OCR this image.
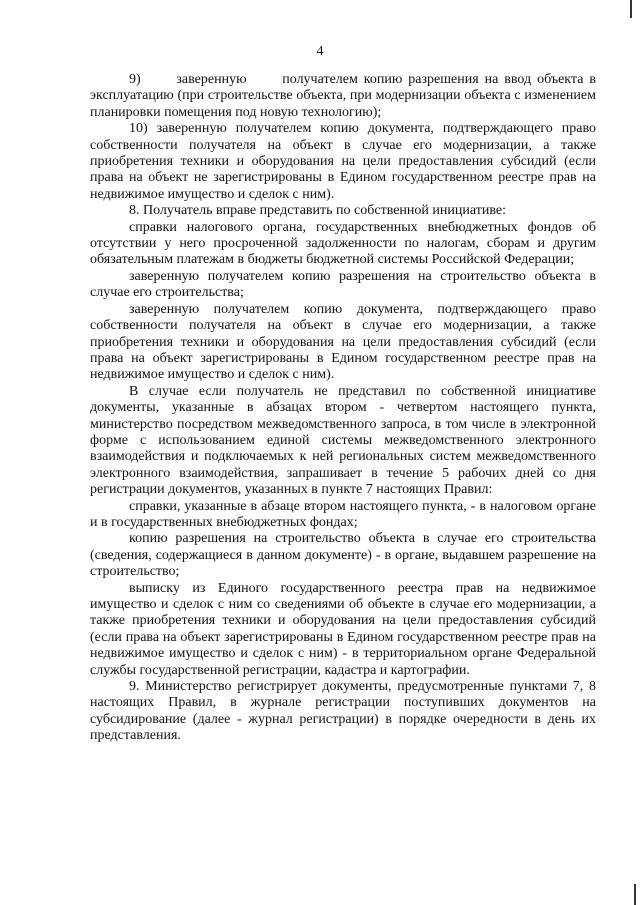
4

9)      заверенную      получателем копию разрешения на ввод объекта в эксплуатацию (при строительстве объекта, при модернизации объекта с изменением планировки помещения под новую технологию);

10) заверенную получателем копию документа, подтверждающего право собственности получателя на объект в случае его модернизации, а также приобретения техники и оборудования на цели предоставления субсидий (если права на объект не зарегистрированы в Едином государственном реестре прав на недвижимое имущество и сделок с ним).

8. Получатель вправе представить по собственной инициативе:

справки налогового органа, государственных внебюджетных фондов об отсутствии у него просроченной задолженности по налогам, сборам и другим обязательным платежам в бюджеты бюджетной системы Российской Федерации;

заверенную получателем копию разрешения на строительство объекта в случае его строительства;

заверенную получателем копию документа, подтверждающего право собственности получателя на объект в случае его модернизации, а также приобретения техники и оборудования на цели предоставления субсидий (если права на объект зарегистрированы в Едином государственном реестре прав на недвижимое имущество и сделок с ним).

В случае если получатель не представил по собственной инициативе документы, указанные в абзацах втором - четвертом настоящего пункта, министерство посредством межведомственного запроса, в том числе в электронной форме с использованием единой системы межведомственного электронного взаимодействия и подключаемых к ней региональных систем межведомственного электронного взаимодействия, запрашивает в течение 5 рабочих дней со дня регистрации документов, указанных в пункте 7 настоящих Правил:

справки, указанные в абзаце втором настоящего пункта, - в налоговом органе и в государственных внебюджетных фондах;

копию разрешения на строительство объекта в случае его строительства (сведения, содержащиеся в данном документе) - в органе, выдавшем разрешение на строительство;

выписку из Единого государственного реестра прав на недвижимое имущество и сделок с ним со сведениями об объекте в случае его модернизации, а также приобретения техники и оборудования на цели предоставления субсидий (если права на объект зарегистрированы в Едином государственном реестре прав на недвижимое имущество и сделок с ним) - в территориальном органе Федеральной службы государственной регистрации, кадастра и картографии.

9. Министерство регистрирует документы, предусмотренные пунктами 7, 8 настоящих Правил, в журнале регистрации поступивших документов на субсидирование (далее - журнал регистрации) в порядке очередности в день их представления.
